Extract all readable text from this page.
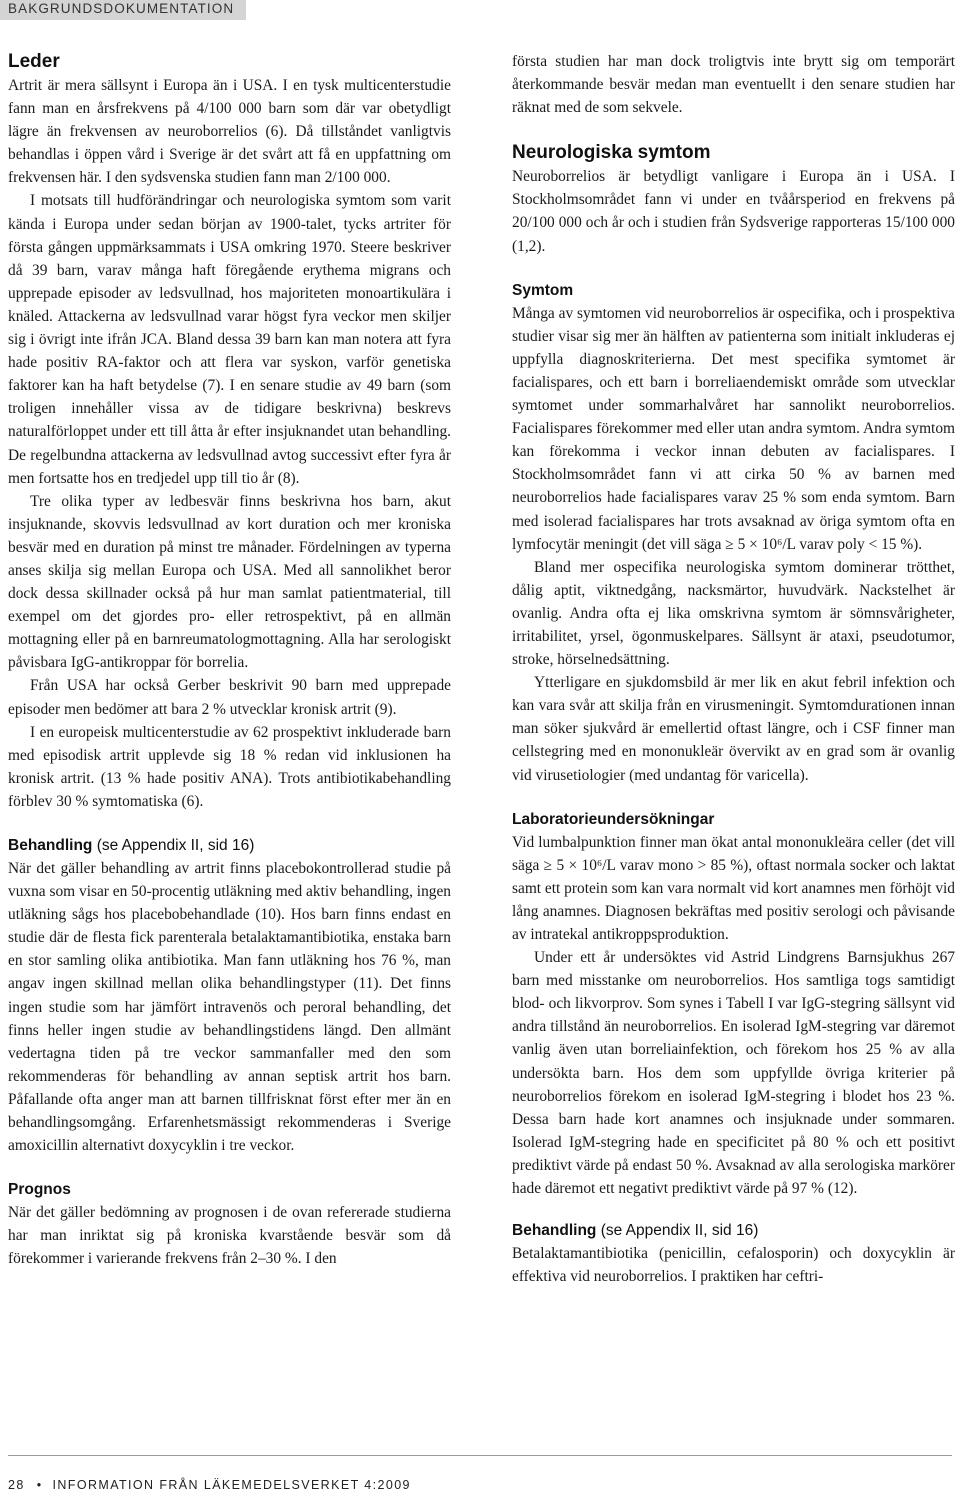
BAKGRUNDSDOKUMENTATION
Leder

Artrit är mera sällsynt i Europa än i USA. I en tysk multicenterstudie fann man en årsfrekvens på 4/100 000 barn som där var obetydligt lägre än frekvensen av neuroborrelios (6). Då tillståndet vanligtvis behandlas i öppen vård i Sverige är det svårt att få en uppfattning om frekvensen här. I den sydsvenska studien fann man 2/100 000.

I motsats till hudförändringar och neurologiska symtom som varit kända i Europa under sedan början av 1900-talet, tycks artriter för första gången uppmärksammats i USA omkring 1970. Steere beskriver då 39 barn, varav många haft föregående erythema migrans och upprepade episoder av ledsvullnad, hos majoriteten monoartikulära i knäled. Attackerna av ledsvullnad varar högst fyra veckor men skiljer sig i övrigt inte ifrån JCA. Bland dessa 39 barn kan man notera att fyra hade positiv RA-faktor och att flera var syskon, varför genetiska faktorer kan ha haft betydelse (7). I en senare studie av 49 barn (som troligen innehåller vissa av de tidigare beskrivna) beskrevs naturalförloppet under ett till åtta år efter insjuknandet utan behandling. De regelbundna attackerna av ledsvullnad avtog successivt efter fyra år men fortsatte hos en tredjedel upp till tio år (8).

Tre olika typer av ledbesvär finns beskrivna hos barn, akut insjuknande, skovvis ledsvullnad av kort duration och mer kroniska besvär med en duration på minst tre månader. Fördelningen av typerna anses skilja sig mellan Europa och USA. Med all sannolikhet beror dock dessa skillnader också på hur man samlat patientmaterial, till exempel om det gjordes pro- eller retrospektivt, på en allmän mottagning eller på en barnreumatologmottagning. Alla har serologiskt påvisbara IgG-antikroppar för borrelia.

Från USA har också Gerber beskrivit 90 barn med upprepade episoder men bedömer att bara 2 % utvecklar kronisk artrit (9).

I en europeisk multicenterstudie av 62 prospektivt inkluderade barn med episodisk artrit upplevde sig 18 % redan vid inklusionen ha kronisk artrit. (13 % hade positiv ANA). Trots antibiotikabehandling förblev 30 % symtomatiska (6).

Behandling (se Appendix II, sid 16)

När det gäller behandling av artrit finns placebokontrollerad studie på vuxna som visar en 50-procentig utläkning med aktiv behandling, ingen utläkning sågs hos placebobehandlade (10). Hos barn finns endast en studie där de flesta fick parenterala betalaktamantibiotika, enstaka barn en stor samling olika antibiotika. Man fann utläkning hos 76 %, man angav ingen skillnad mellan olika behandlingstyper (11). Det finns ingen studie som har jämfört intravenös och peroral behandling, det finns heller ingen studie av behandlingstidens längd. Den allmänt vedertagna tiden på tre veckor sammanfaller med den som rekommenderas för behandling av annan septisk artrit hos barn. Påfallande ofta anger man att barnen tillfrisknat först efter mer än en behandlingsomgång. Erfarenhetsmässigt rekommenderas i Sverige amoxicillin alternativt doxycyklin i tre veckor.

Prognos

När det gäller bedömning av prognosen i de ovan refererade studierna har man inriktat sig på kroniska kvarstående besvär som då förekommer i varierande frekvens från 2–30 %. I den

första studien har man dock troligtvis inte brytt sig om temporärt återkommande besvär medan man eventuellt i den senare studien har räknat med de som sekvele.

Neurologiska symtom

Neuroborrelios är betydligt vanligare i Europa än i USA. I Stockholmsområdet fann vi under en tvåårsperiod en frekvens på 20/100 000 och år och i studien från Sydsverige rapporteras 15/100 000 (1,2).

Symtom

Många av symtomen vid neuroborrelios är ospecifika, och i prospektiva studier visar sig mer än hälften av patienterna som initialt inkluderas ej uppfylla diagnoskriterierna. Det mest specifika symtomet är facialispares, och ett barn i borreliaendemiskt område som utvecklar symtomet under sommarhalvåret har sannolikt neuroborrelios. Facialispares förekommer med eller utan andra symtom. Andra symtom kan förekomma i veckor innan debuten av facialispares. I Stockholmsområdet fann vi att cirka 50 % av barnen med neuroborrelios hade facialispares varav 25 % som enda symtom. Barn med isolerad facialispares har trots avsaknad av öriga symtom ofta en lymfocytär meningit (det vill säga ≥ 5 × 10⁶/L varav poly < 15 %).

Bland mer ospecifika neurologiska symtom dominerar trötthet, dålig aptit, viktnedgång, nacksmärtor, huvudvärk. Nackstelhet är ovanlig. Andra ofta ej lika omskrivna symtom är sömnsvårigheter, irritabilitet, yrsel, ögonmuskelpares. Sällsynt är ataxi, pseudotumor, stroke, hörselnedsättning.

Ytterligare en sjukdomsbild är mer lik en akut febril infektion och kan vara svår att skilja från en virusmeningit. Symtomdurationen innan man söker sjukvård är emellertid oftast längre, och i CSF finner man cellstegring med en mononukleär övervikt av en grad som är ovanlig vid virusetiologier (med undantag för varicella).

Laboratorieundersökningar

Vid lumbalpunktion finner man ökat antal mononukleära celler (det vill säga ≥ 5 × 10⁶/L varav mono > 85 %), oftast normala socker och laktat samt ett protein som kan vara normalt vid kort anamnes men förhöjt vid lång anamnes. Diagnosen bekräftas med positiv serologi och påvisande av intratekal antikroppsproduktion.

Under ett år undersöktes vid Astrid Lindgrens Barnsjukhus 267 barn med misstanke om neuroborrelios. Hos samtliga togs samtidigt blod- och likvorprov. Som synes i Tabell I var IgG-stegring sällsynt vid andra tillstånd än neuroborrelios. En isolerad IgM-stegring var däremot vanlig även utan borreliainfektion, och förekom hos 25 % av alla undersökta barn. Hos dem som uppfyllde övriga kriterier på neuroborrelios förekom en isolerad IgM-stegring i blodet hos 23 %. Dessa barn hade kort anamnes och insjuknade under sommaren. Isolerad IgM-stegring hade en specificitet på 80 % och ett positivt prediktivt värde på endast 50 %. Avsaknad av alla serologiska markörer hade däremot ett negativt prediktivt värde på 97 % (12).

Behandling (se Appendix II, sid 16)

Betalaktamantibiotika (penicillin, cefalosporin) och doxycyklin är effektiva vid neuroborrelios. I praktiken har ceftri-

28 • INFORMATION FRÅN LÄKEMEDELSVERKET 4:2009
